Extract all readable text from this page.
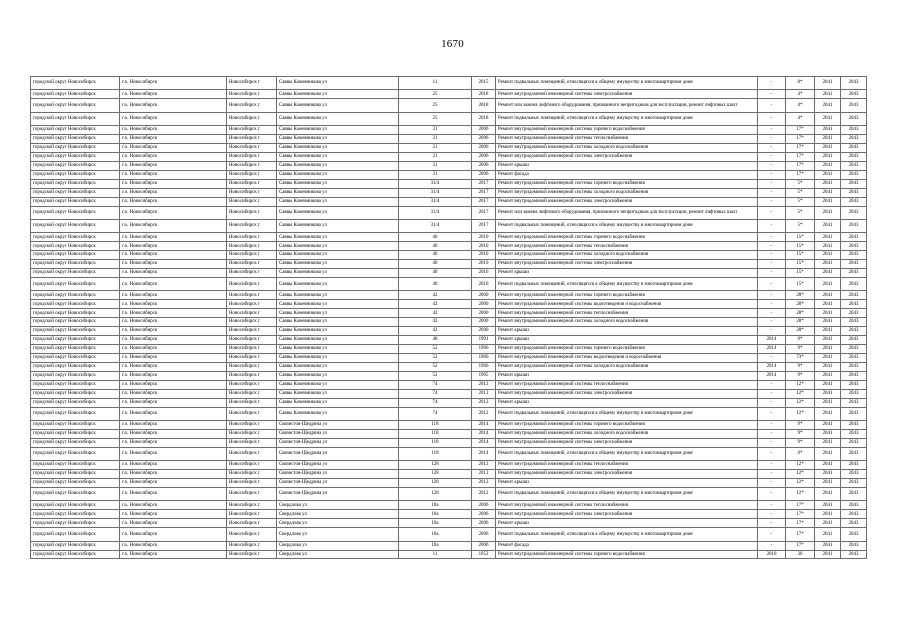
1670
городской округ Новосибирск	г.о. Новосибирск	Новосибирск г	Саввы Кожевникова ул	11	2015	Ремонт подвальных помещений, относящихся к общему имуществу в многоквартирном доме	-	8*	2041	2043
городской округ Новосибирск	г.о. Новосибирск	Новосибирск г	Саввы Кожевникова ул	25	2018	Ремонт внутридомовой инженерной системы электроснабжения	-	4*	2041	2043
городской округ Новосибирск	г.о. Новосибирск	Новосибирск г	Саввы Кожевникова ул	25	2018	Ремонт или замена лифтового оборудования, признанного непригодным для эксплуатации, ремонт лифтовых шахт	-	4*	2041	2043
городской округ Новосибирск	г.о. Новосибирск	Новосибирск г	Саввы Кожевникова ул	25	2018	Ремонт подвальных помещений, относящихся к общему имуществу в многоквартирном доме	-	4*	2041	2043
городской округ Новосибирск	г.о. Новосибирск	Новосибирск г	Саввы Кожевникова ул	31	2006	Ремонт внутридомовой инженерной системы горячего водоснабжения	-	17*	2041	2043
городской округ Новосибирск	г.о. Новосибирск	Новосибирск г	Саввы Кожевникова ул	31	2006	Ремонт внутридомовой инженерной системы теплоснабжения	-	17*	2041	2043
городской округ Новосибирск	г.о. Новосибирск	Новосибирск г	Саввы Кожевникова ул	31	2006	Ремонт внутридомовой инженерной системы холодного водоснабжения	-	17*	2041	2043
городской округ Новосибирск	г.о. Новосибирск	Новосибирск г	Саввы Кожевникова ул	31	2006	Ремонт внутридомовой инженерной системы электроснабжения	-	17*	2041	2043
городской округ Новосибирск	г.о. Новосибирск	Новосибирск г	Саввы Кожевникова ул	31	2006	Ремонт крыши	-	17*	2041	2043
городской округ Новосибирск	г.о. Новосибирск	Новосибирск г	Саввы Кожевникова ул	31	2006	Ремонт фасада	-	17*	2041	2043
городской округ Новосибирск	г.о. Новосибирск	Новосибирск г	Саввы Кожевникова ул	31/4	2017	Ремонт внутридомовой инженерной системы горячего водоснабжения	-	5*	2041	2043
городской округ Новосибирск	г.о. Новосибирск	Новосибирск г	Саввы Кожевникова ул	31/4	2017	Ремонт внутридомовой инженерной системы холодного водоснабжения	-	5*	2041	2043
городской округ Новосибирск	г.о. Новосибирск	Новосибирск г	Саввы Кожевникова ул	31/4	2017	Ремонт внутридомовой инженерной системы электроснабжения	-	5*	2041	2043
городской округ Новосибирск	г.о. Новосибирск	Новосибирск г	Саввы Кожевникова ул	31/4	2017	Ремонт или замена лифтового оборудования, признанного непригодным для эксплуатации, ремонт лифтовых шахт	-	5*	2041	2043
городской округ Новосибирск	г.о. Новосибирск	Новосибирск г	Саввы Кожевникова ул	31/4	2017	Ремонт подвальных помещений, относящихся к общему имуществу в многоквартирном доме	-	5*	2041	2043
городской округ Новосибирск	г.о. Новосибирск	Новосибирск г	Саввы Кожевникова ул	40	2010	Ремонт внутридомовой инженерной системы горячего водоснабжения	-	15*	2041	2043
городской округ Новосибирск	г.о. Новосибирск	Новосибирск г	Саввы Кожевникова ул	40	2010	Ремонт внутридомовой инженерной системы теплоснабжения	-	15*	2041	2043
городской округ Новосибирск	г.о. Новосибирск	Новосибирск г	Саввы Кожевникова ул	40	2010	Ремонт внутридомовой инженерной системы холодного водоснабжения	-	15*	2041	2043
городской округ Новосибирск	г.о. Новосибирск	Новосибирск г	Саввы Кожевникова ул	40	2010	Ремонт внутридомовой инженерной системы электроснабжения	-	15*	2041	2043
городской округ Новосибирск	г.о. Новосибирск	Новосибирск г	Саввы Кожевникова ул	40	2010	Ремонт крыши	-	15*	2041	2043
городской округ Новосибирск	г.о. Новосибирск	Новосибирск г	Саввы Кожевникова ул	40	2010	Ремонт подвальных помещений, относящихся к общему имуществу в многоквартирном доме	-	15*	2041	2043
городской округ Новосибирск	г.о. Новосибирск	Новосибирск г	Саввы Кожевникова ул	42	2000	Ремонт внутридомовой инженерной системы горячего водоснабжения	-	28*	2041	2043
городской округ Новосибирск	г.о. Новосибирск	Новосибирск г	Саввы Кожевникова ул	42	2000	Ремонт внутридомовой инженерной системы водоотведения и водоснабжения	-	28*	2041	2043
городской округ Новосибирск	г.о. Новосибирск	Новосибирск г	Саввы Кожевникова ул	42	2000	Ремонт внутридомовой инженерной системы теплоснабжения	-	28*	2041	2043
городской округ Новосибирск	г.о. Новосибирск	Новосибирск г	Саввы Кожевникова ул	42	2000	Ремонт внутридомовой инженерной системы холодного водоснабжения	-	28*	2041	2043
городской округ Новосибирск	г.о. Новосибирск	Новосибирск г	Саввы Кожевникова ул	42	2000	Ремонт крыши	-	28*	2041	2043
городской округ Новосибирск	г.о. Новосибирск	Новосибирск г	Саввы Кожевникова ул	48	1991	Ремонт крыши	2014	9*	2041	2043
городской округ Новосибирск	г.о. Новосибирск	Новосибирск г	Саввы Кожевникова ул	52	1966	Ремонт внутридомовой инженерной системы горячего водоснабжения	2014	9*	2041	2043
городской округ Новосибирск	г.о. Новосибирск	Новосибирск г	Саввы Кожевникова ул	52	1966	Ремонт внутридомовой инженерной системы водоотведения и водоснабжения	-	73*	2041	2043
городской округ Новосибирск	г.о. Новосибирск	Новосибирск г	Саввы Кожевникова ул	52	1966	Ремонт внутридомовой инженерной системы холодного водоснабжения	2014	9*	2041	2043
городской округ Новосибирск	г.о. Новосибирск	Новосибирск г	Саввы Кожевникова ул	52	1965	Ремонт крыши	2014	9*	2041	2043
городской округ Новосибирск	г.о. Новосибирск	Новосибирск г	Саввы Кожевникова ул	74	2012	Ремонт внутридомовой инженерной системы теплоснабжения	-	12*	2041	2043
городской округ Новосибирск	г.о. Новосибирск	Новосибирск г	Саввы Кожевникова ул	74	2012	Ремонт внутридомовой инженерной системы электроснабжения	-	12*	2041	2043
городской округ Новосибирск	г.о. Новосибирск	Новосибирск г	Саввы Кожевникова ул	74	2012	Ремонт крыши	-	12*	2041	2043
городской округ Новосибирск	г.о. Новосибирск	Новосибирск г	Саввы Кожевникова ул	74	2012	Ремонт подвальных помещений, относящихся к общему имуществу в многоквартирном доме	-	12*	2041	2043
городской округ Новосибирск	г.о. Новосибирск	Новосибирск г	Связистов-Щедрина ул	118	2014	Ремонт внутридомовой инженерной системы горячего водоснабжения	-	9*	2041	2043
городской округ Новосибирск	г.о. Новосибирск	Новосибирск г	Связистов-Щедрина ул	118	2014	Ремонт внутридомовой инженерной системы холодного водоснабжения	-	9*	2041	2043
городской округ Новосибирск	г.о. Новосибирск	Новосибирск г	Связистов-Щедрина ул	118	2014	Ремонт внутридомовой инженерной системы электроснабжения	-	9*	2041	2043
городской округ Новосибирск	г.о. Новосибирск	Новосибирск г	Связистов-Щедрина ул	118	2014	Ремонт подвальных помещений, относящихся к общему имуществу в многоквартирном доме	-	9*	2041	2043
городской округ Новосибирск	г.о. Новосибирск	Новосибирск г	Связистов-Щедрина ул	128	2012	Ремонт внутридомовой инженерной системы теплоснабжения	-	12*	2041	2043
городской округ Новосибирск	г.о. Новосибирск	Новосибирск г	Связистов-Щедрина ул	128	2012	Ремонт внутридомовой инженерной системы электроснабжения	-	12*	2041	2043
городской округ Новосибирск	г.о. Новосибирск	Новосибирск г	Связистов-Щедрина ул	128	2012	Ремонт крыши	-	12*	2041	2043
городской округ Новосибирск	г.о. Новосибирск	Новосибирск г	Связистов-Щедрина ул	128	2012	Ремонт подвальных помещений, относящихся к общему имуществу в многоквартирном доме	-	12*	2041	2043
городской округ Новосибирск	г.о. Новосибирск	Новосибирск г	Свердлова ул	10а	2006	Ремонт внутридомовой инженерной системы теплоснабжения	-	17*	2041	2043
городской округ Новосибирск	г.о. Новосибирск	Новосибирск г	Свердлова ул	10а	2006	Ремонт внутридомовой инженерной системы электроснабжения	-	17*	2041	2043
городской округ Новосибирск	г.о. Новосибирск	Новосибирск г	Свердлова ул	10а	2006	Ремонт крыши	-	17*	2041	2043
городской округ Новосибирск	г.о. Новосибирск	Новосибирск г	Свердлова ул	10а	2006	Ремонт подвальных помещений, относящихся к общему имуществу в многоквартирном доме	-	17*	2041	2043
городской округ Новосибирск	г.о. Новосибирск	Новосибирск г	Свердлова ул	10а	2006	Ремонт фасада	-	17*	2041	2043
городской округ Новосибирск	г.о. Новосибирск	Новосибирск г	Свердлова ул	11	1952	Ремонт внутридомовой инженерной системы горячего водоснабжения	2010	30	2041	2043
